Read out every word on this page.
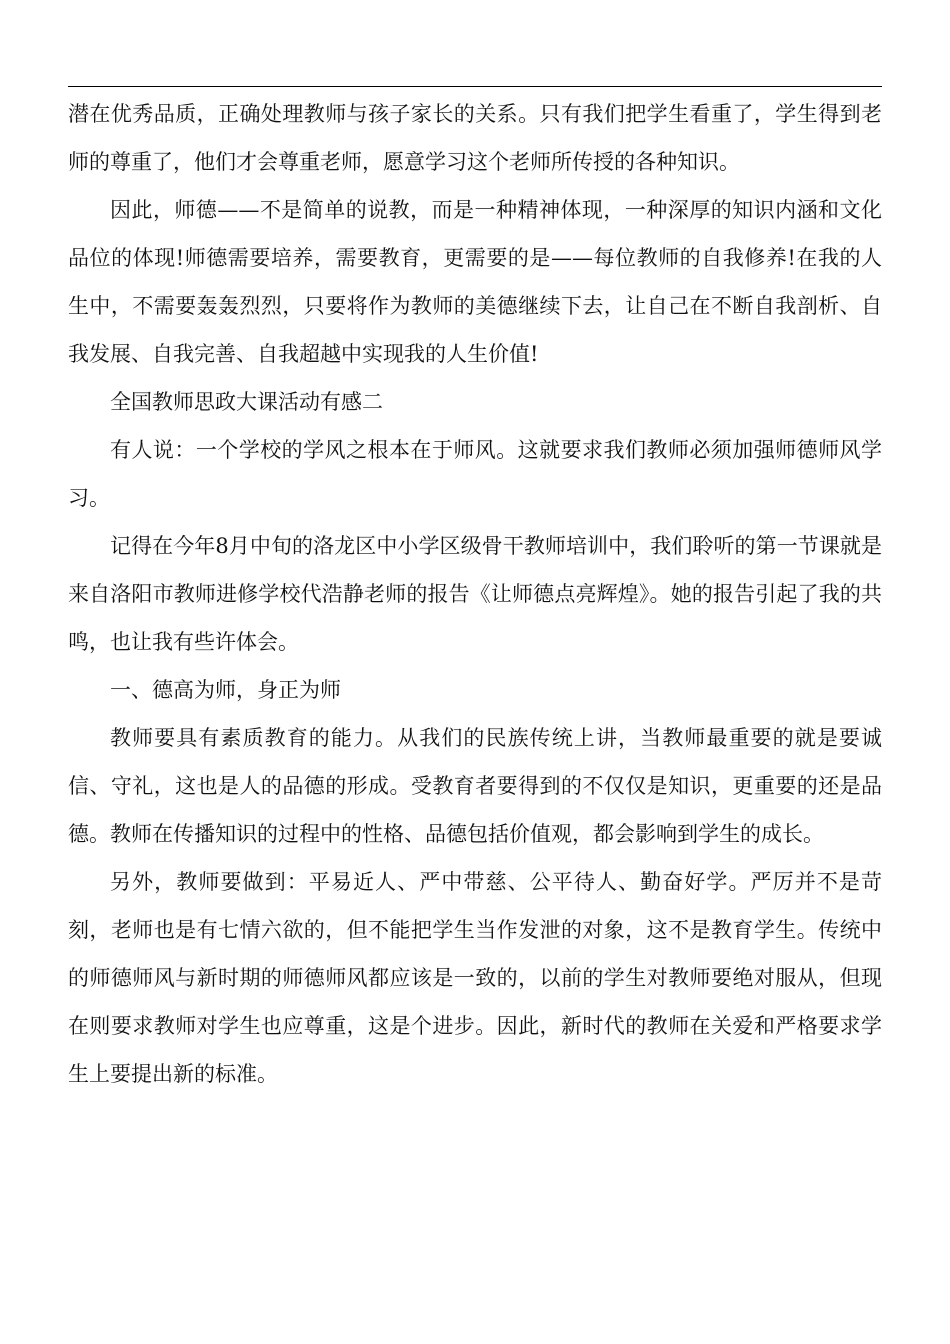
潜在优秀品质，正确处理教师与孩子家长的关系。只有我们把学生看重了，学生得到老师的尊重了，他们才会尊重老师，愿意学习这个老师所传授的各种知识。

因此，师德——不是简单的说教，而是一种精神体现，一种深厚的知识内涵和文化品位的体现!师德需要培养，需要教育，更需要的是——每位教师的自我修养!在我的人生中，不需要轰轰烈烈，只要将作为教师的美德继续下去，让自己在不断自我剖析、自我发展、自我完善、自我超越中实现我的人生价值!

全国教师思政大课活动有感二

有人说：一个学校的学风之根本在于师风。这就要求我们教师必须加强师德师风学习。

记得在今年8月中旬的洛龙区中小学区级骨干教师培训中，我们聆听的第一节课就是来自洛阳市教师进修学校代浩静老师的报告《让师德点亮辉煌》。她的报告引起了我的共鸣，也让我有些许体会。

一、德高为师，身正为师

教师要具有素质教育的能力。从我们的民族传统上讲，当教师最重要的就是要诚信、守礼，这也是人的品德的形成。受教育者要得到的不仅仅是知识，更重要的还是品德。教师在传播知识的过程中的性格、品德包括价值观，都会影响到学生的成长。

另外，教师要做到：平易近人、严中带慈、公平待人、勤奋好学。严厉并不是苛刻，老师也是有七情六欲的，但不能把学生当作发泄的对象，这不是教育学生。传统中的师德师风与新时期的师德师风都应该是一致的，以前的学生对教师要绝对服从，但现在则要求教师对学生也应尊重，这是个进步。因此，新时代的教师在关爱和严格要求学生上要提出新的标准。
